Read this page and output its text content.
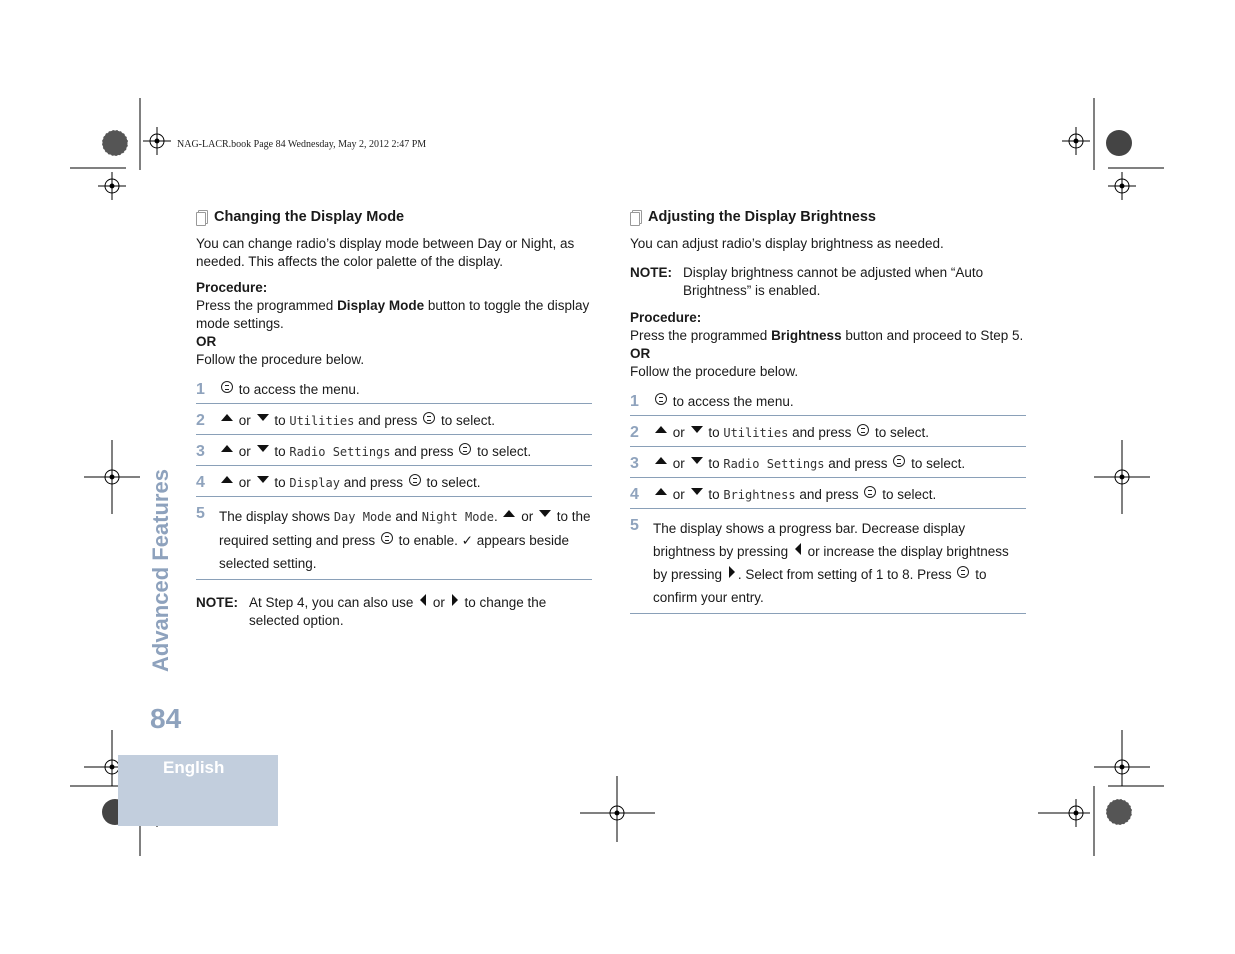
NAG-LACR.book Page 84 Wednesday, May 2, 2012 2:47 PM
Changing the Display Mode

You can change radio’s display mode between Day or Night, as needed. This affects the color palette of the display.

Procedure:

Press the programmed Display Mode button to toggle the display mode settings.

OR

Follow the procedure below.

1	to access the menu.
2	or to Utilities and press to select.
3	or to Radio Settings and press to select.
4	or to Display and press to select.
5	The display shows Day Mode and Night Mode. or to the required setting and press to enable. ✓ appears beside selected setting.
NOTE: At Step 4, you can also use or to change the selected option.
Adjusting the Display Brightness

You can adjust radio’s display brightness as needed.

NOTE: Display brightness cannot be adjusted when “Auto Brightness” is enabled.

Procedure:

Press the programmed Brightness button and proceed to Step 5.

OR

Follow the procedure below.

1	to access the menu.
2	or to Utilities and press to select.
3	or to Radio Settings and press to select.
4	or to Brightness and press to select.
5	The display shows a progress bar. Decrease display brightness by pressing or increase the display brightness by pressing . Select from setting of 1 to 8. Press to confirm your entry.
Advanced Features
84
English
